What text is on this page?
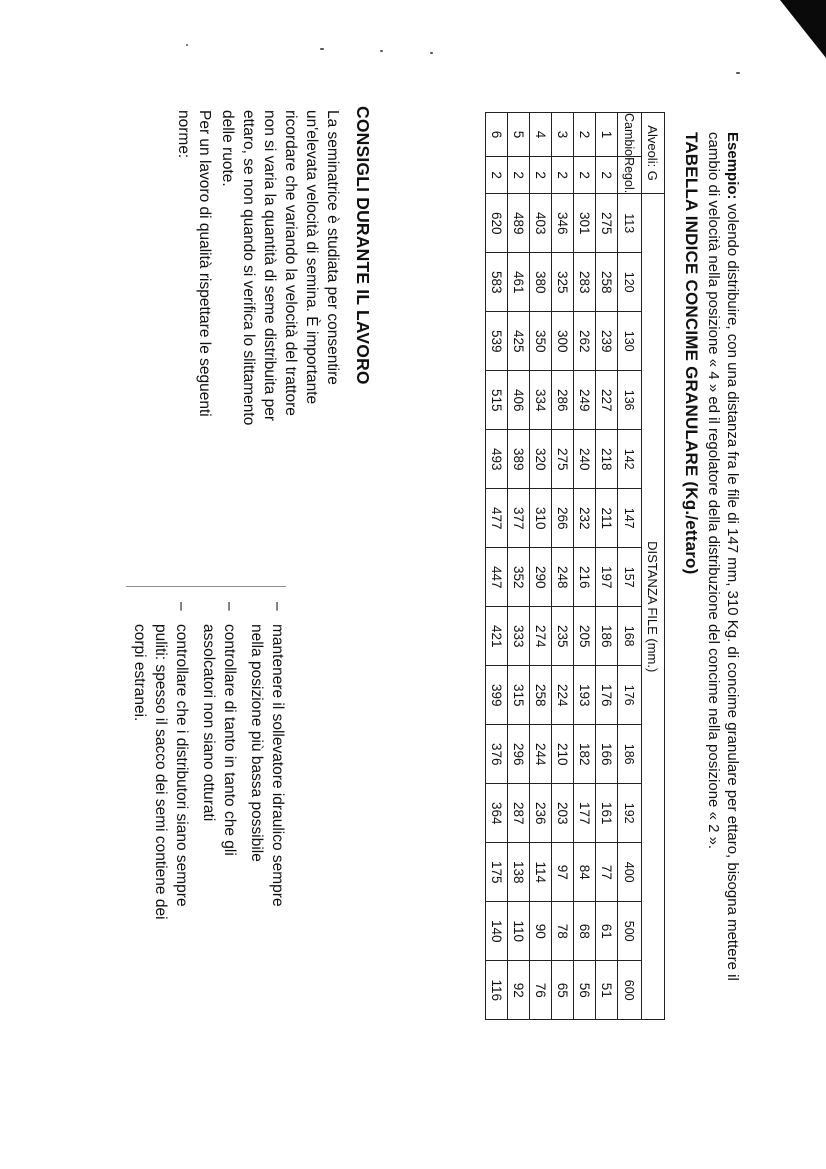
Esempio: volendo distribuire, con una distanza fra le file di 147 mm, 310 Kg. di concime granulare per ettaro, bisogna mettere il
cambio di velocità nella posizione « 4 » ed il regolatore della distribuzione del concime nella posizione « 2 ».
TABELLA INDICE CONCIME GRANULARE (Kg./ettaro)
Alveoli: G		DISTANZA FILE (mm.)													
Cambio	Regol.	113	120	130	136	142	147	157	168	176	186	192	400	500	600
1	2	275	258	239	227	218	211	197	186	176	166	161	77	61	51
2	2	301	283	262	249	240	232	216	205	193	182	177	84	68	56
3	2	346	325	300	286	275	266	248	235	224	210	203	97	78	65
4	2	403	380	350	334	320	310	290	274	258	244	236	114	90	76
5	2	489	461	425	406	389	377	352	333	315	296	287	138	110	92
6	2	620	583	539	515	493	477	447	421	399	376	364	175	140	116
CONSIGLI DURANTE IL LAVORO
La seminatrice è studiata per consentire
un'elevata velocità di semina. È importante
ricordare che variando la velocità del trattore
non si varia la quantità di seme distribuita per
ettaro, se non quando si verifica lo slittamento
delle ruote.
Per un lavoro di qualità rispettare le seguenti
norme:
– mantenere il sollevatore idraulico sempre
nella posizione più bassa possibile
– controllare di tanto in tanto che gli
assolcatori non siano otturati
– controllare che i distributori siano sempre
puliti: spesso il sacco dei semi contiene dei
corpi estranei.
